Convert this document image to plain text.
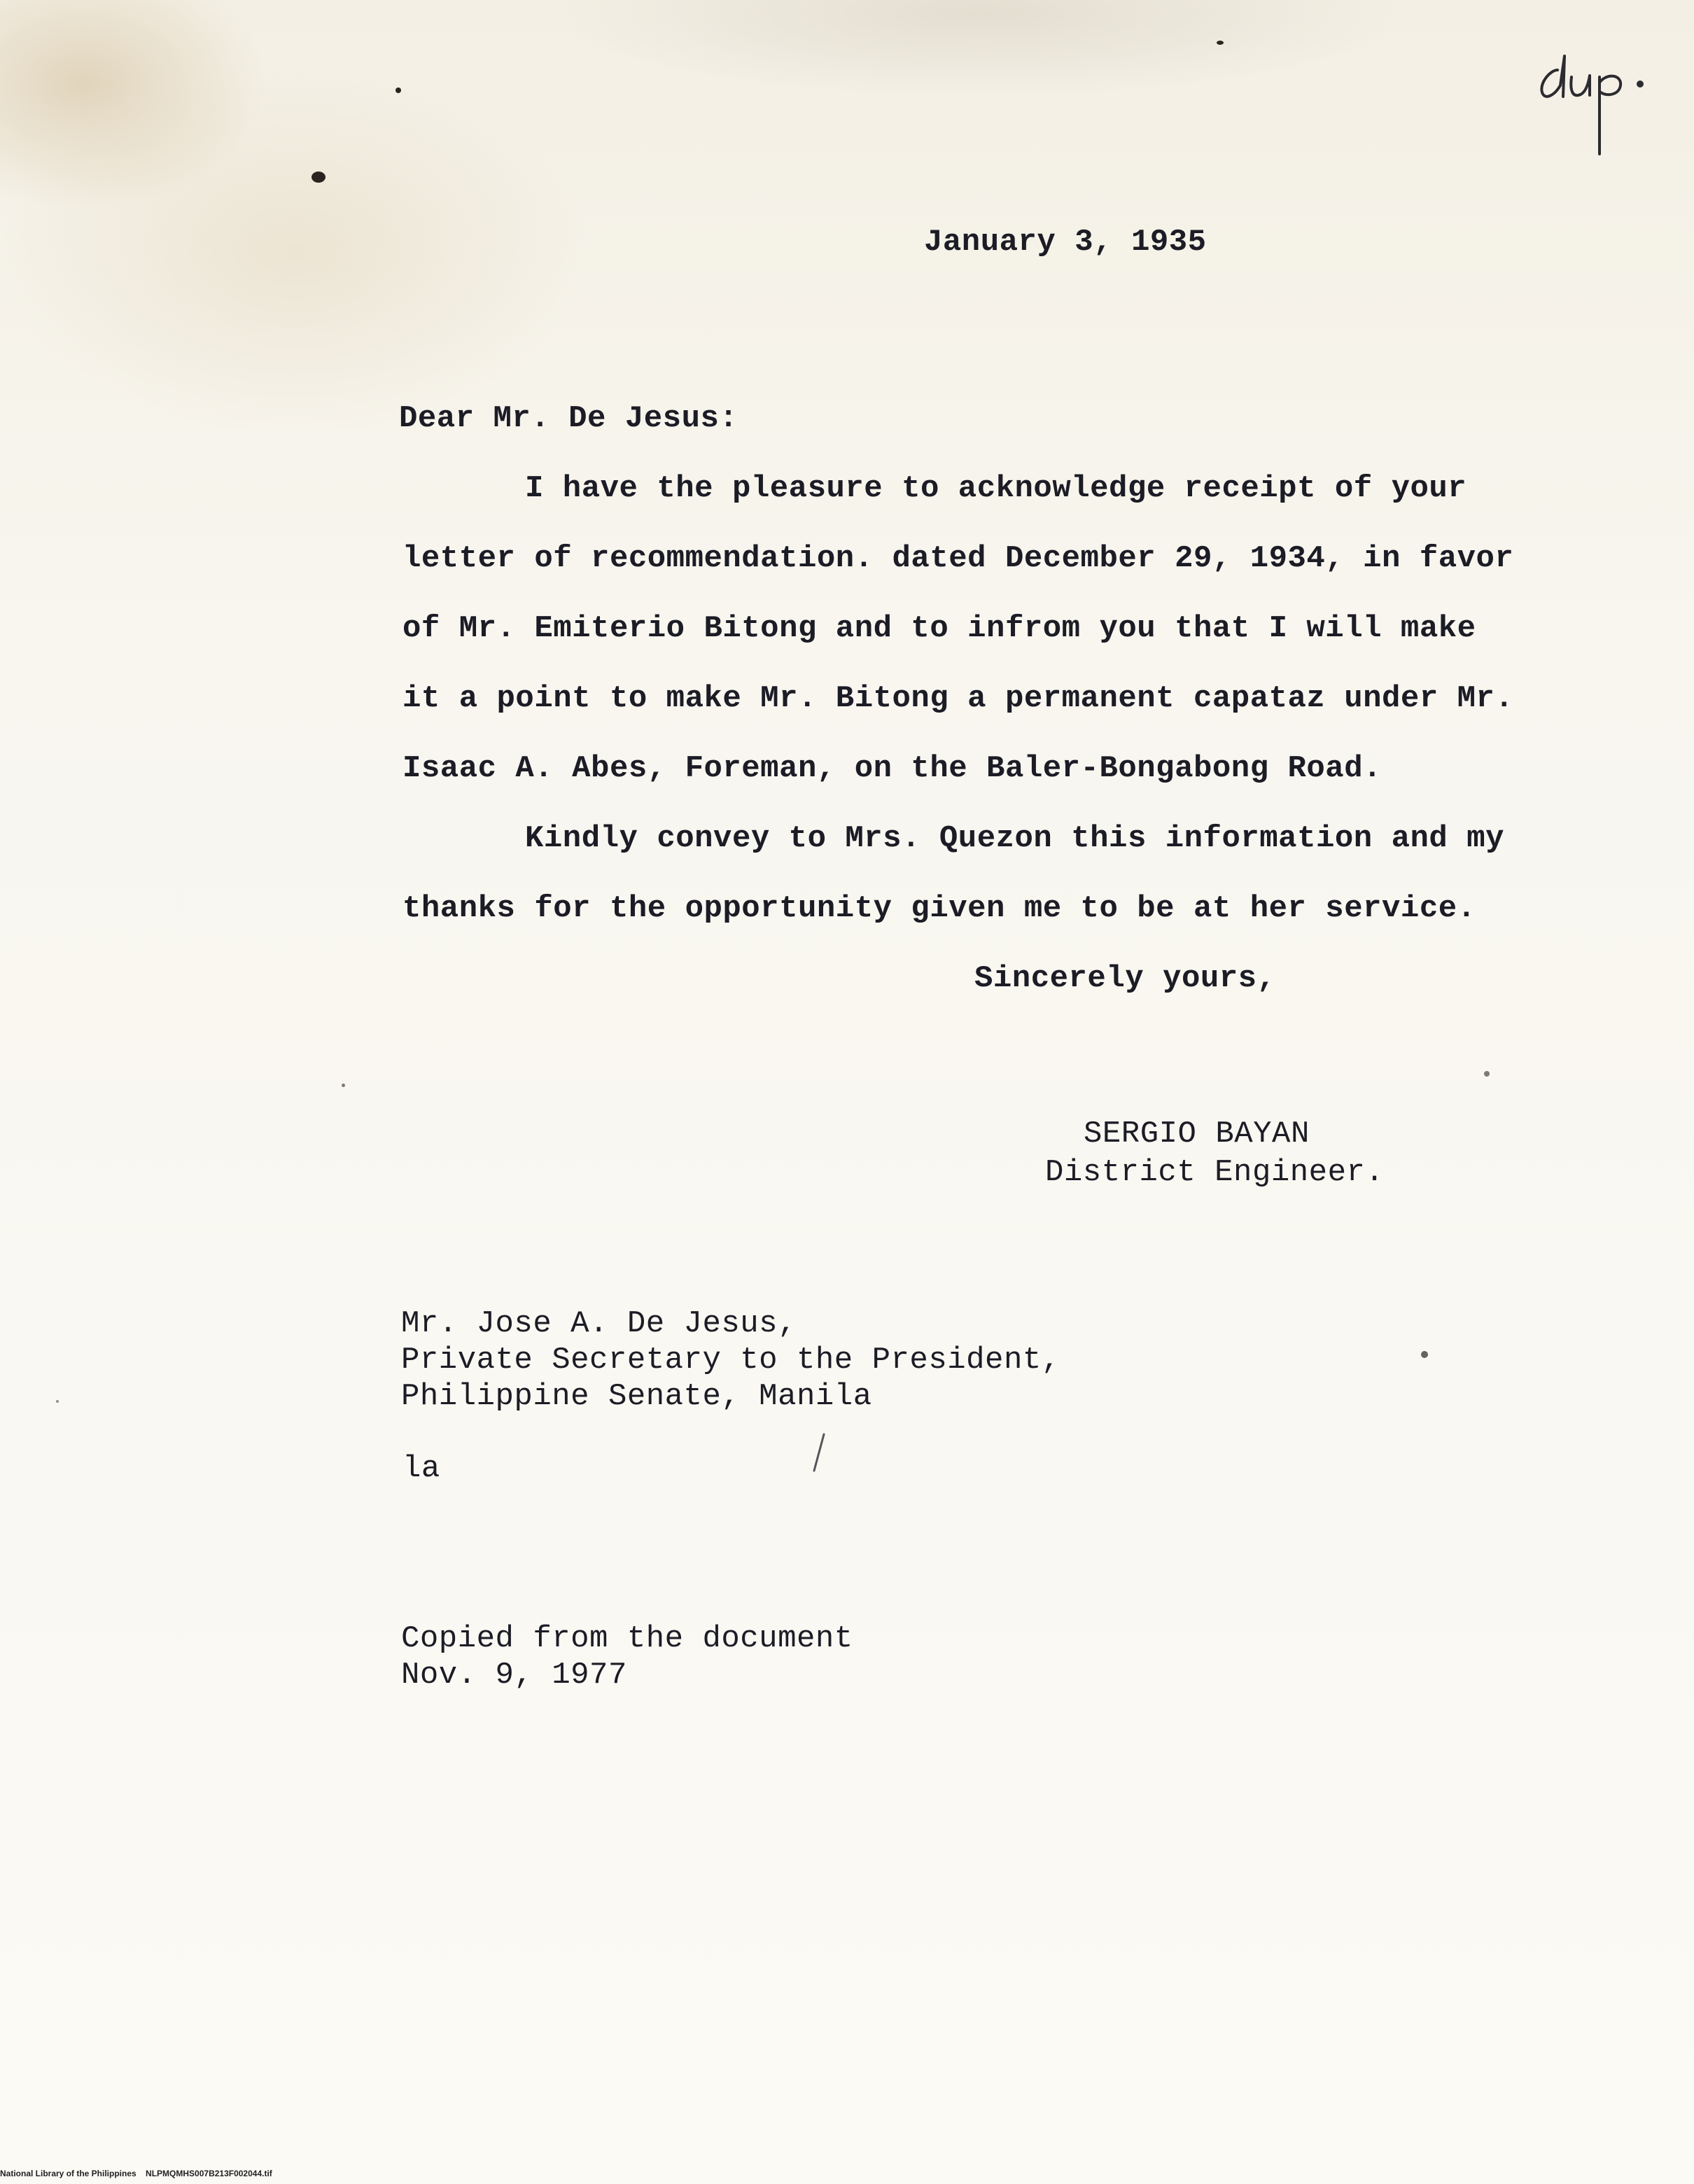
January 3, 1935
Dear Mr. De Jesus:
I have the pleasure to acknowledge receipt of your
letter of recommendation. dated December 29, 1934, in favor
of Mr. Emiterio Bitong and to infrom you that I will make
it a point to make Mr. Bitong a permanent capataz under Mr.
Isaac A. Abes, Foreman, on the Baler-Bongabong Road.
Kindly convey to Mrs. Quezon this information and my
thanks for the opportunity given me to be at her service.
Sincerely yours,
SERGIO BAYAN
District Engineer.
Mr. Jose A. De Jesus,
Private Secretary to the President,
Philippine Senate, Manila
la
Copied from the document
Nov. 9, 1977
National Library of the Philippines NLPMQMHS007B213F002044.tif
